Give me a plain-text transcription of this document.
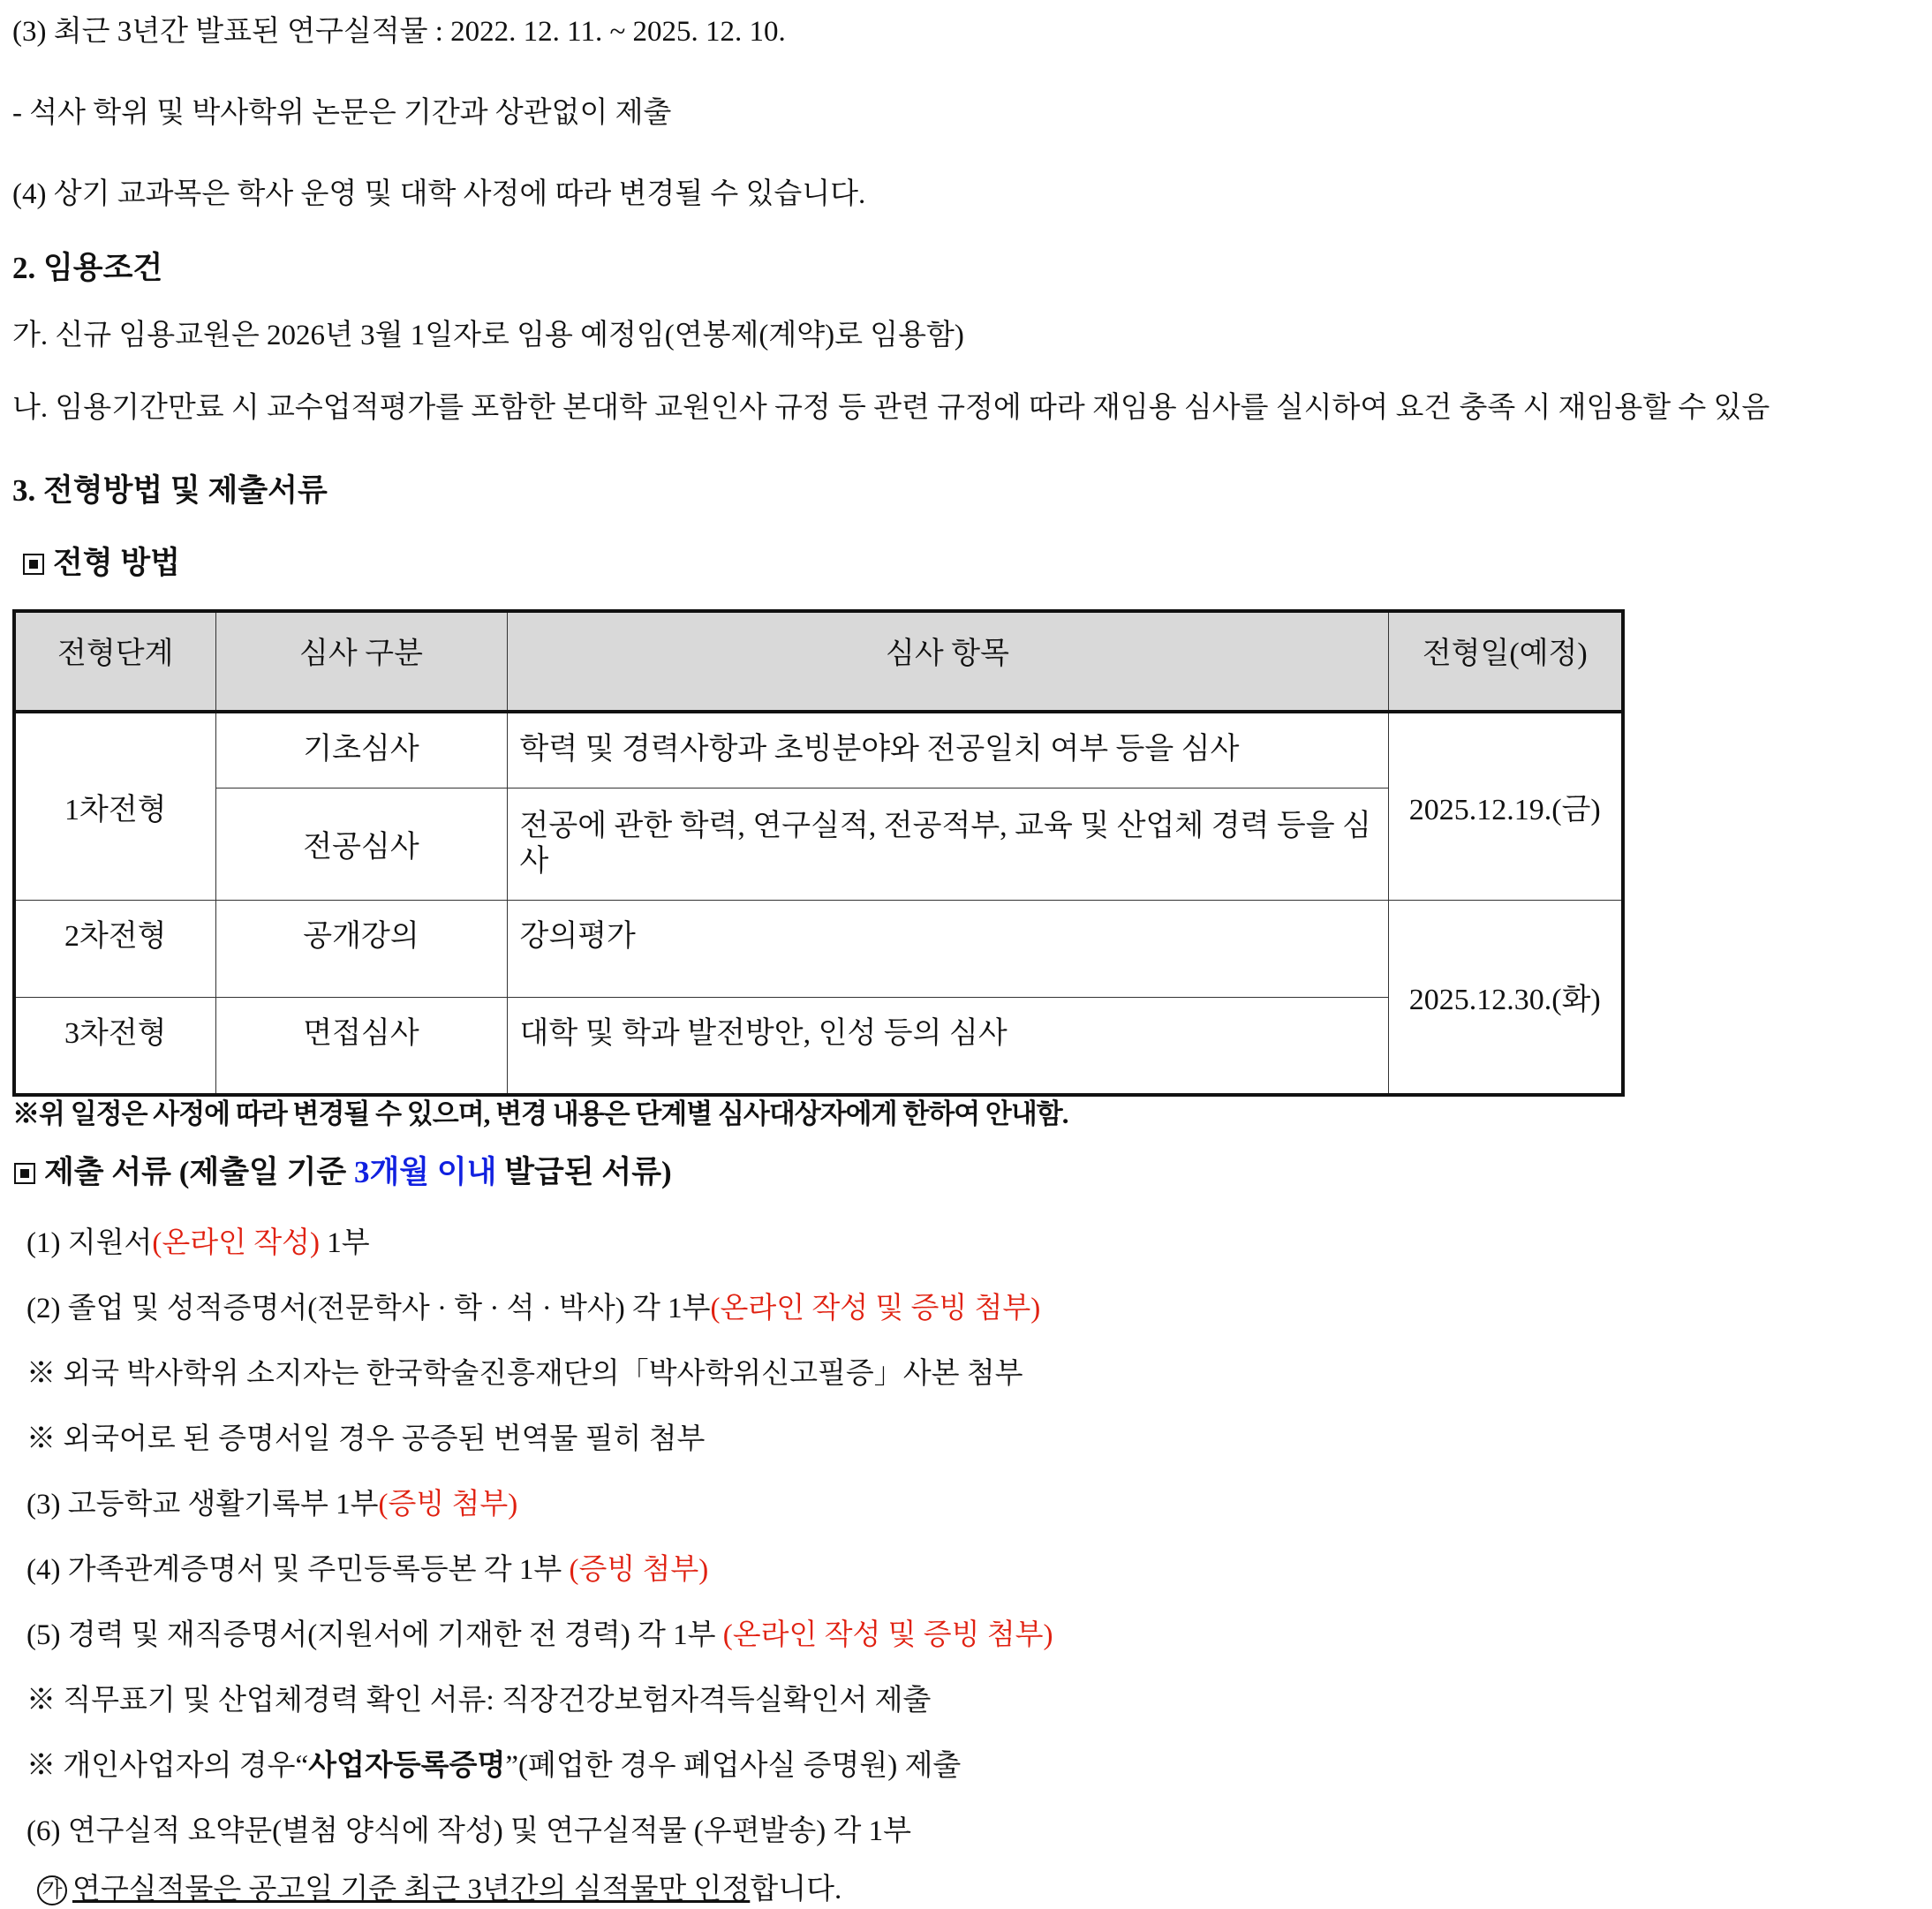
(3) 최근 3년간 발표된 연구실적물 : 2022. 12. 11. ~ 2025. 12. 10.
- 석사 학위 및 박사학위 논문은 기간과 상관없이 제출
(4) 상기 교과목은 학사 운영 및 대학 사정에 따라 변경될 수 있습니다.
2. 임용조건
가. 신규 임용교원은 2026년 3월 1일자로 임용 예정임(연봉제(계약)로 임용함)
나. 임용기간만료 시 교수업적평가를 포함한 본대학 교원인사 규정 등 관련 규정에 따라 재임용 심사를 실시하여 요건 충족 시 재임용할 수 있음
3. 전형방법 및 제출서류
전형 방법
전형단계	심사 구분	심사 항목	전형일(예정)
1차전형	기초심사	학력 및 경력사항과 초빙분야와 전공일치 여부 등을 심사	2025.12.19.(금)
	전공심사	전공에 관한 학력, 연구실적, 전공적부, 교육 및 산업체 경력 등을 심사	
2차전형	공개강의	강의평가	2025.12.30.(화)
3차전형	면접심사	대학 및 학과 발전방안, 인성 등의 심사	
※위 일정은 사정에 따라 변경될 수 있으며, 변경 내용은 단계별 심사대상자에게 한하여 안내함.
제출 서류 (제출일 기준 3개월 이내 발급된 서류)
(1) 지원서(온라인 작성) 1부
(2) 졸업 및 성적증명서(전문학사 · 학 · 석 · 박사) 각 1부(온라인 작성 및 증빙 첨부)
※ 외국 박사학위 소지자는 한국학술진흥재단의「박사학위신고필증」사본 첨부
※ 외국어로 된 증명서일 경우 공증된 번역물 필히 첨부
(3) 고등학교 생활기록부 1부(증빙 첨부)
(4) 가족관계증명서 및 주민등록등본 각 1부 (증빙 첨부)
(5) 경력 및 재직증명서(지원서에 기재한 전 경력) 각 1부 (온라인 작성 및 증빙 첨부)
※ 직무표기 및 산업체경력 확인 서류: 직장건강보험자격득실확인서 제출
※ 개인사업자의 경우“사업자등록증명”(폐업한 경우 폐업사실 증명원) 제출
(6) 연구실적 요약문(별첨 양식에 작성) 및 연구실적물 (우편발송) 각 1부
가 연구실적물은 공고일 기준 최근 3년간의 실적물만 인정합니다.
